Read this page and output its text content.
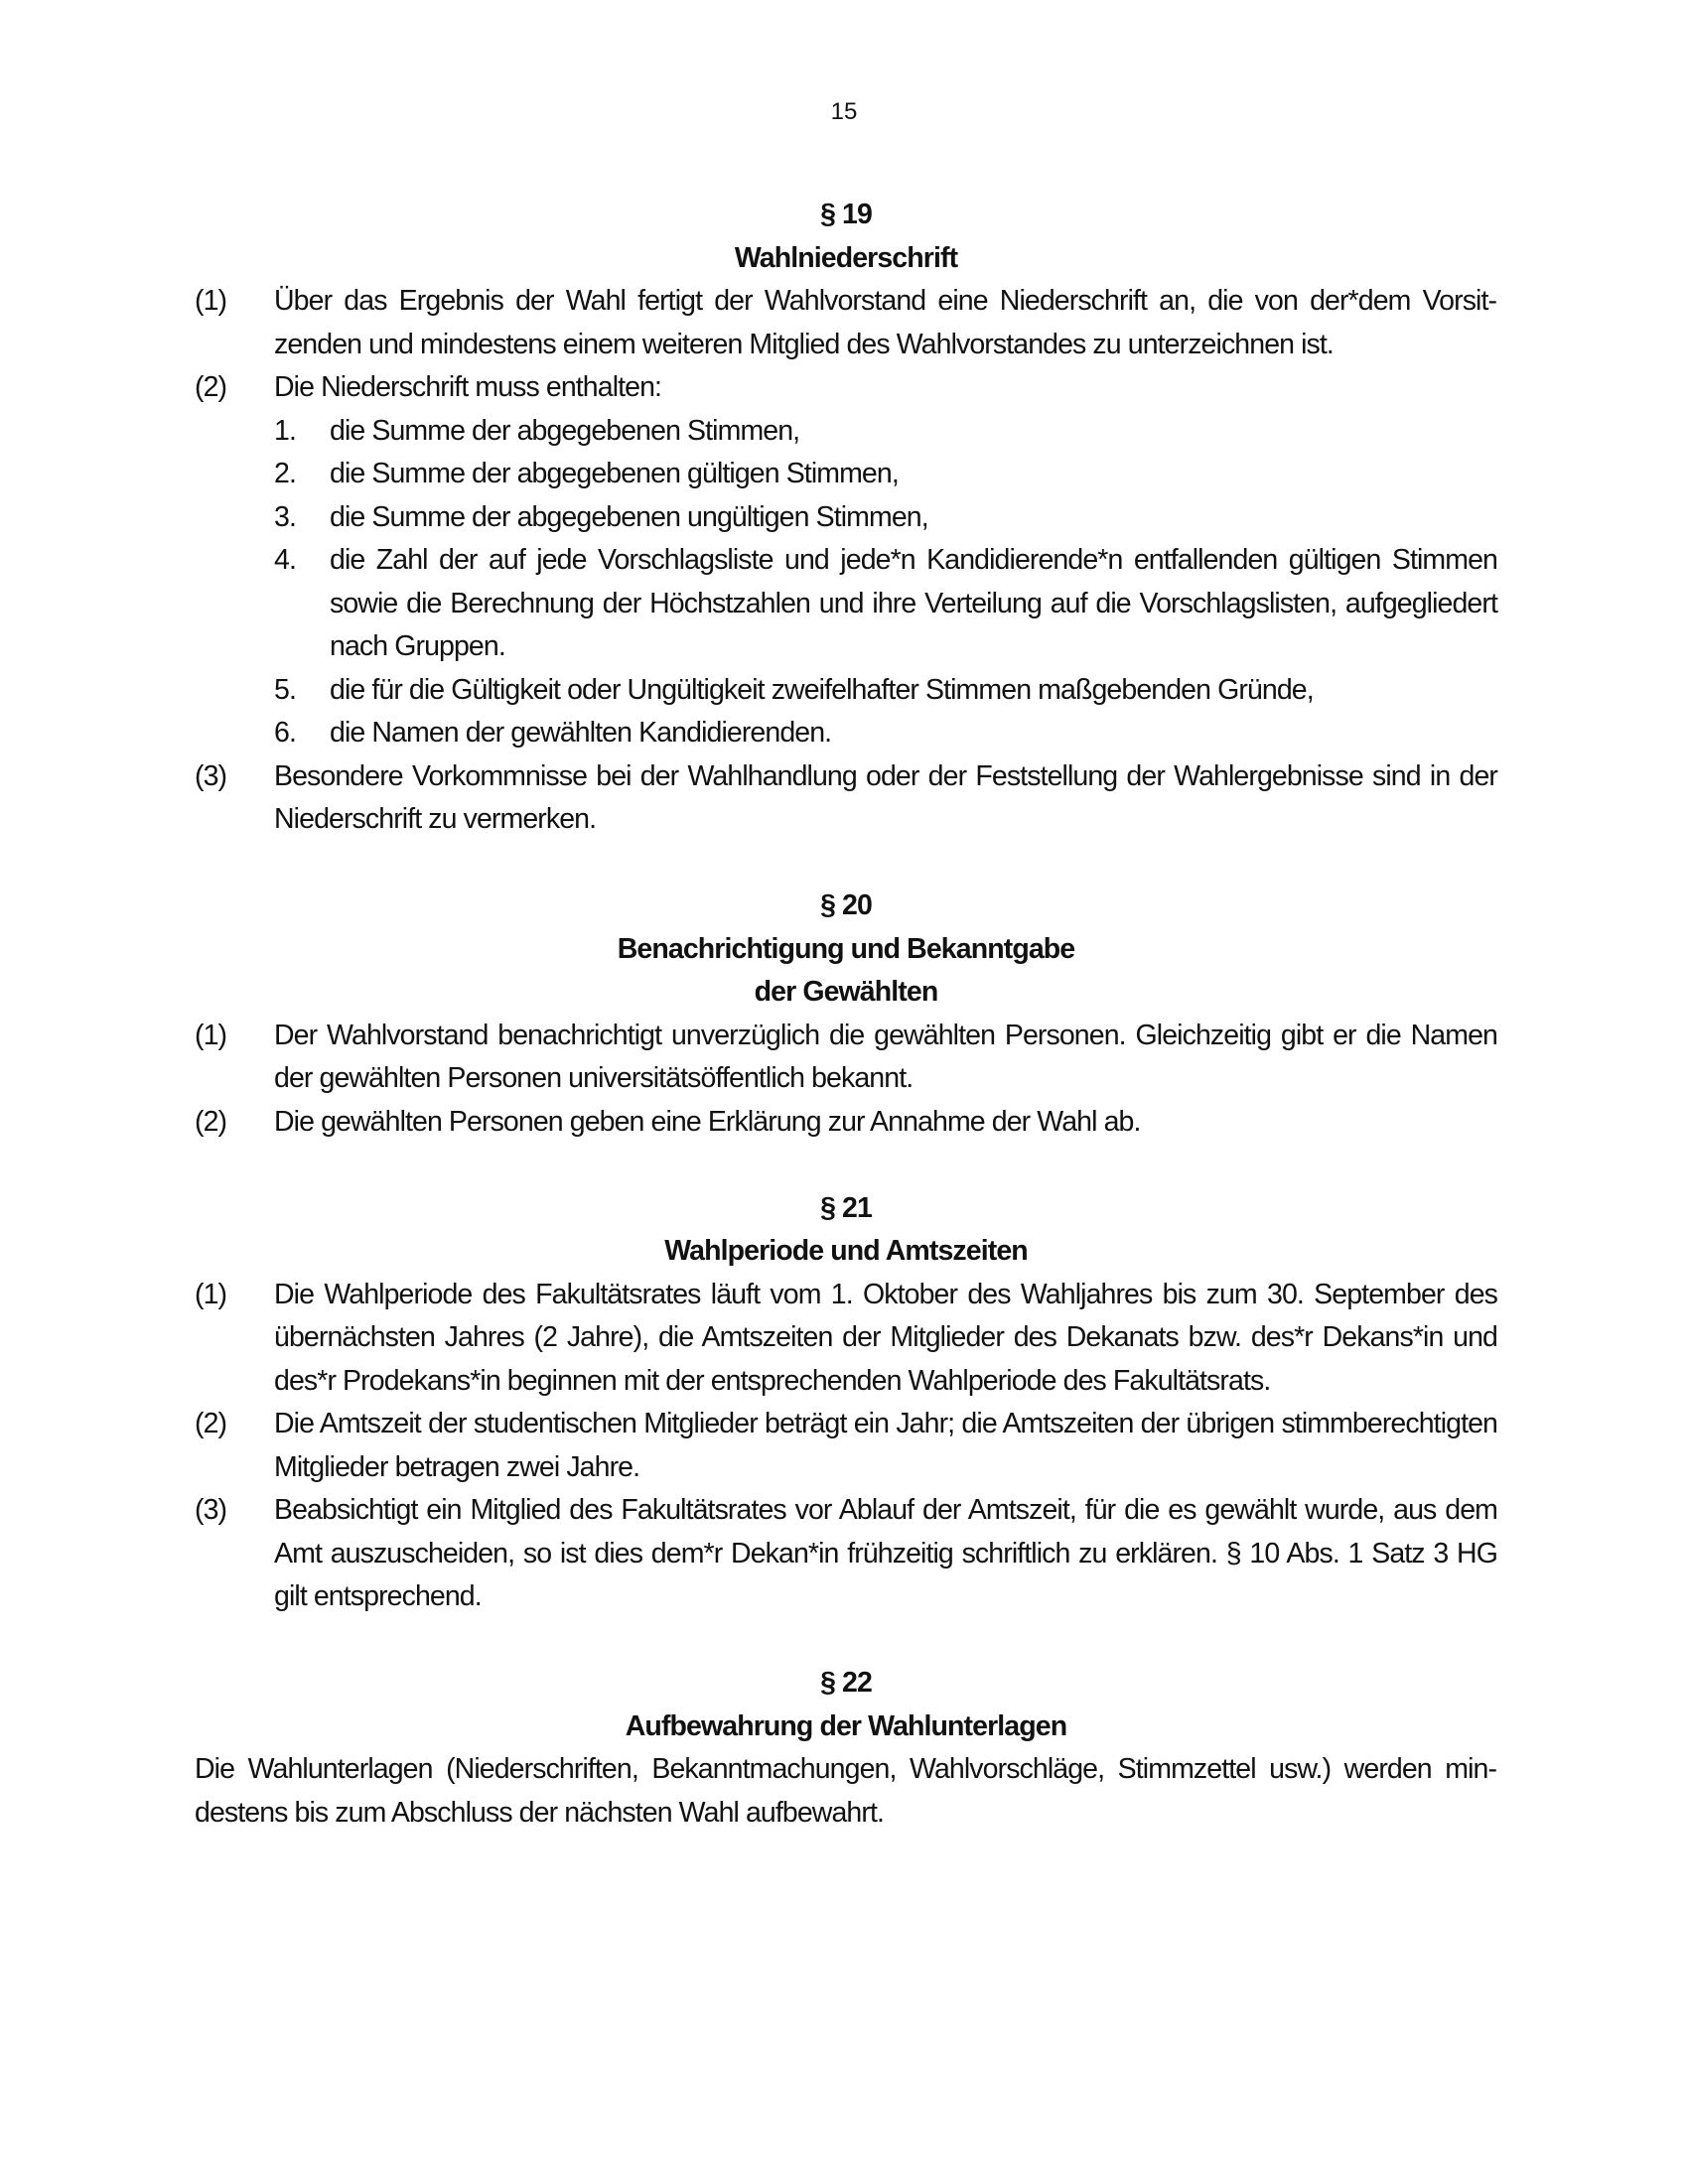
15
§ 19
Wahlniederschrift
(1)	Über das Ergebnis der Wahl fertigt der Wahlvorstand eine Niederschrift an, die von der*dem Vorsitzenden und mindestens einem weiteren Mitglied des Wahlvorstandes zu unterzeichnen ist.
(2)	Die Niederschrift muss enthalten:
1.	die Summe der abgegebenen Stimmen,
2.	die Summe der abgegebenen gültigen Stimmen,
3.	die Summe der abgegebenen ungültigen Stimmen,
4.	die Zahl der auf jede Vorschlagsliste und jede*n Kandidierende*n entfallenden gültigen Stimmen sowie die Berechnung der Höchstzahlen und ihre Verteilung auf die Vorschlagslisten, aufgegliedert nach Gruppen.
5.	die für die Gültigkeit oder Ungültigkeit zweifelhafter Stimmen maßgebenden Gründe,
6.	die Namen der gewählten Kandidierenden.
(3)	Besondere Vorkommnisse bei der Wahlhandlung oder der Feststellung der Wahlergebnisse sind in der Niederschrift zu vermerken.
§ 20
Benachrichtigung und Bekanntgabe
der Gewählten
(1)	Der Wahlvorstand benachrichtigt unverzüglich die gewählten Personen. Gleichzeitig gibt er die Namen der gewählten Personen universitätsöffentlich bekannt.
(2)	Die gewählten Personen geben eine Erklärung zur Annahme der Wahl ab.
§ 21
Wahlperiode und Amtszeiten
(1)	Die Wahlperiode des Fakultätsrates läuft vom 1. Oktober des Wahljahres bis zum 30. September des übernächsten Jahres (2 Jahre), die Amtszeiten der Mitglieder des Dekanats bzw. des*r Dekans*in und des*r Prodekans*in beginnen mit der entsprechenden Wahlperiode des Fakultätsrats.
(2)	Die Amtszeit der studentischen Mitglieder beträgt ein Jahr; die Amtszeiten der übrigen stimmberechtigten Mitglieder betragen zwei Jahre.
(3)	Beabsichtigt ein Mitglied des Fakultätsrates vor Ablauf der Amtszeit, für die es gewählt wurde, aus dem Amt auszuscheiden, so ist dies dem*r Dekan*in frühzeitig schriftlich zu erklären. § 10 Abs. 1 Satz 3 HG gilt entsprechend.
§ 22
Aufbewahrung der Wahlunterlagen

Die Wahlunterlagen (Niederschriften, Bekanntmachungen, Wahlvorschläge, Stimmzettel usw.) werden mindestens bis zum Abschluss der nächsten Wahl aufbewahrt.
